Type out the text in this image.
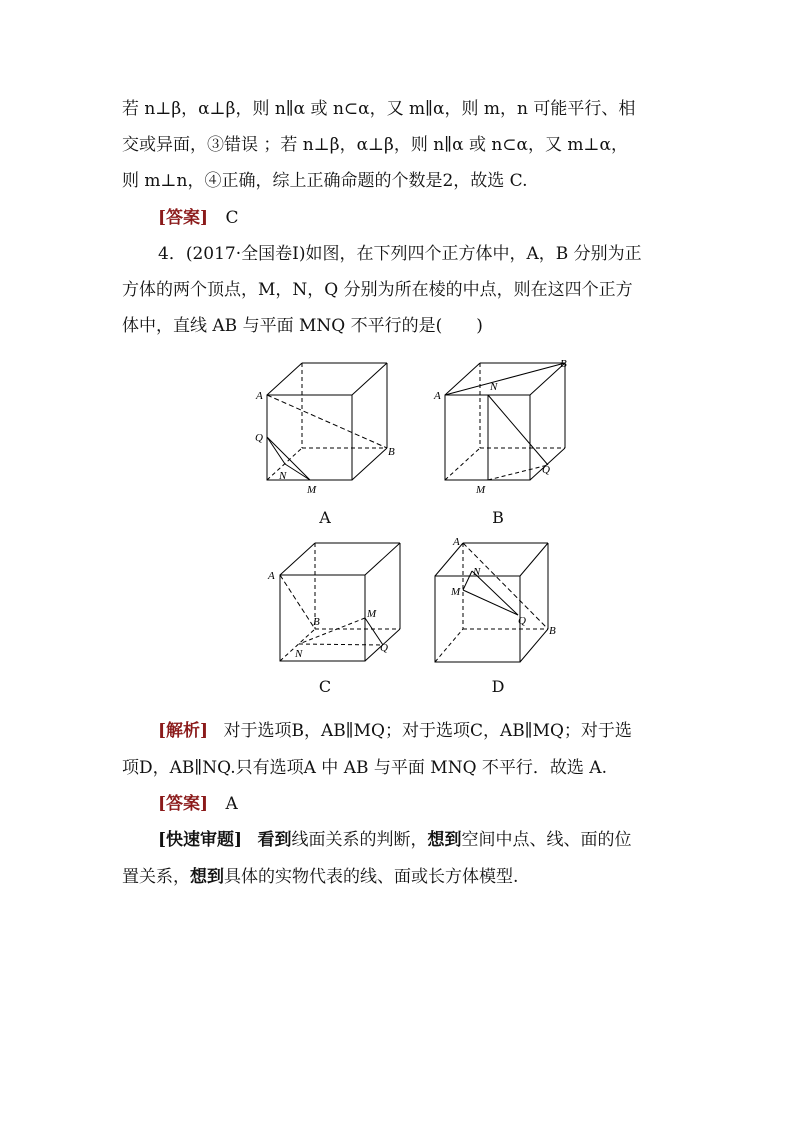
若 n⊥β，α⊥β，则 n∥α 或 n⊂α，又 m∥α，则 m，n 可能平行、相
交或异面，③错误 ；若 n⊥β，α⊥β，则 n∥α 或 n⊂α，又 m⊥α，
则 m⊥n，④正确，综上正确命题的个数是2，故选 C.
[答案] C
4．(2017·全国卷Ⅰ)如图，在下列四个正方体中，A，B 分别为正
方体的两个顶点，M，N，Q 分别为所在棱的中点，则在这四个正方
体中，直线 AB 与平面 MNQ 不平行的是(　　)
A
B
Q
N
M
A
A
B
N
M
Q
B
A
B
M
N	Q
C
A
N
M
Q
B
D
[解析] 对于选项B，AB∥MQ；对于选项C，AB∥MQ；对于选
项D，AB∥NQ.只有选项A 中 AB 与平面 MNQ 不平行．故选 A.
[答案] A
[快速审题] 看到线面关系的判断，想到空间中点、线、面的位
置关系，想到具体的实物代表的线、面或长方体模型.
